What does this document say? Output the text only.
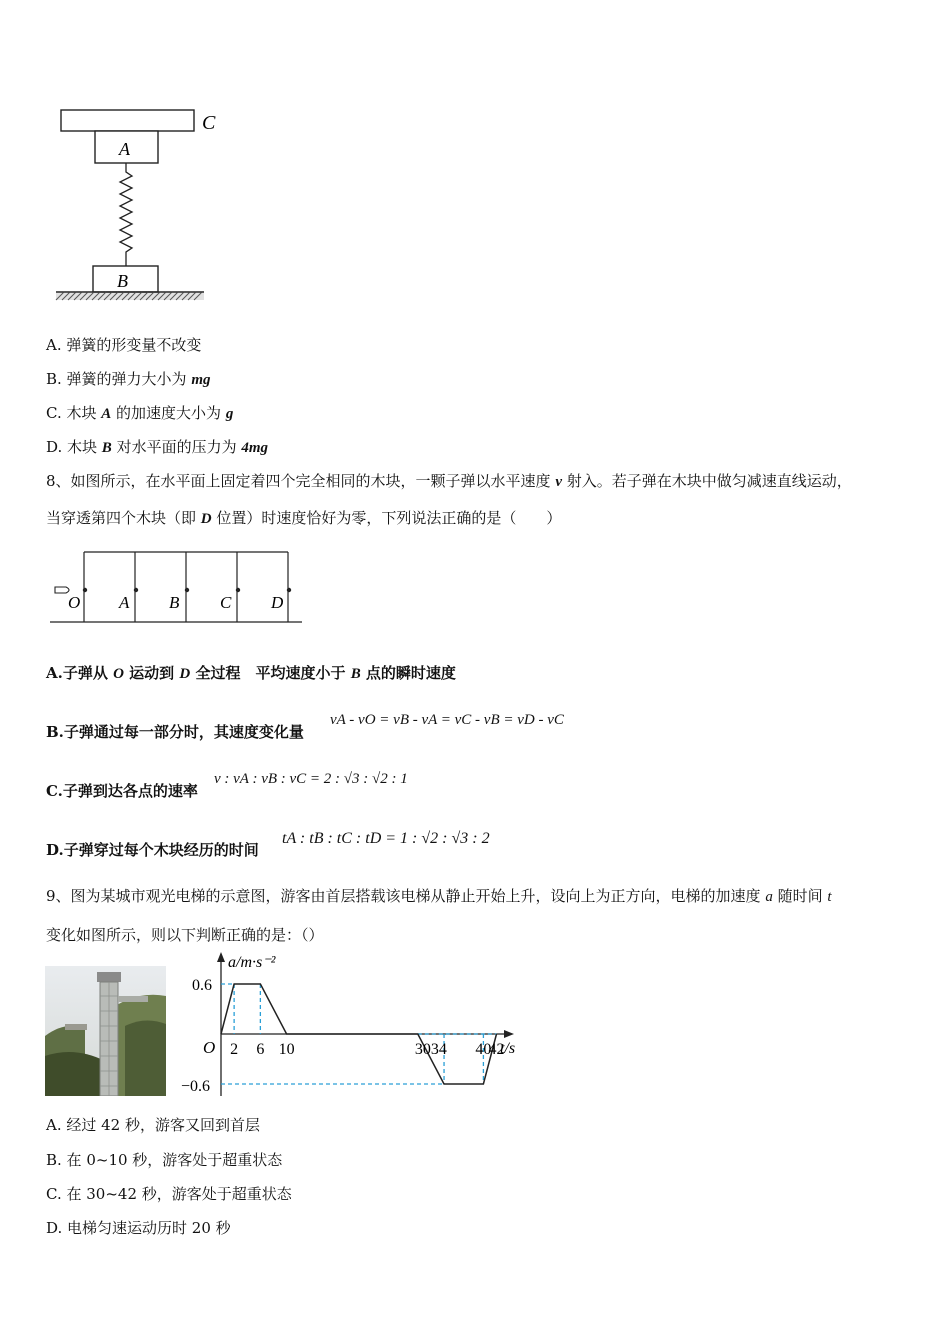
C
A
B
A. 弹簧的形变量不改变
B. 弹簧的弹力大小为 mg
C. 木块 A 的加速度大小为 g
D. 木块 B 对水平面的压力为 4mg
8、如图所示，在水平面上固定着四个完全相同的木块，一颗子弹以水平速度 v 射入。若子弹在木块中做匀减速直线运动，
当穿透第四个木块（即 D 位置）时速度恰好为零，下列说法正确的是（　　）
O A B C D
A.子弹从 O 运动到 D 全过程　平均速度小于 B 点的瞬时速度
B.子弹通过每一部分时，其速度变化量
vA - vO = vB - vA = vC - vB = vD - vC
C.子弹到达各点的速率
v : vA : vB : vC = 2 : √3 : √2 : 1
D.子弹穿过每个木块经历的时间
tA : tB : tC : tD = 1 : √2 : √3 : 2
9、图为某城市观光电梯的示意图，游客由首层搭载该电梯从静止开始上升，设向上为正方向，电梯的加速度 a 随时间 t
变化如图所示，则以下判断正确的是：（）
a/m·s⁻²
t/s
O
0.6
−0.6
2 6 10	3034 40
42
A. 经过 42 秒，游客又回到首层
B. 在 0~10 秒，游客处于超重状态
C. 在 30~42 秒，游客处于超重状态
D. 电梯匀速运动历时 20 秒
